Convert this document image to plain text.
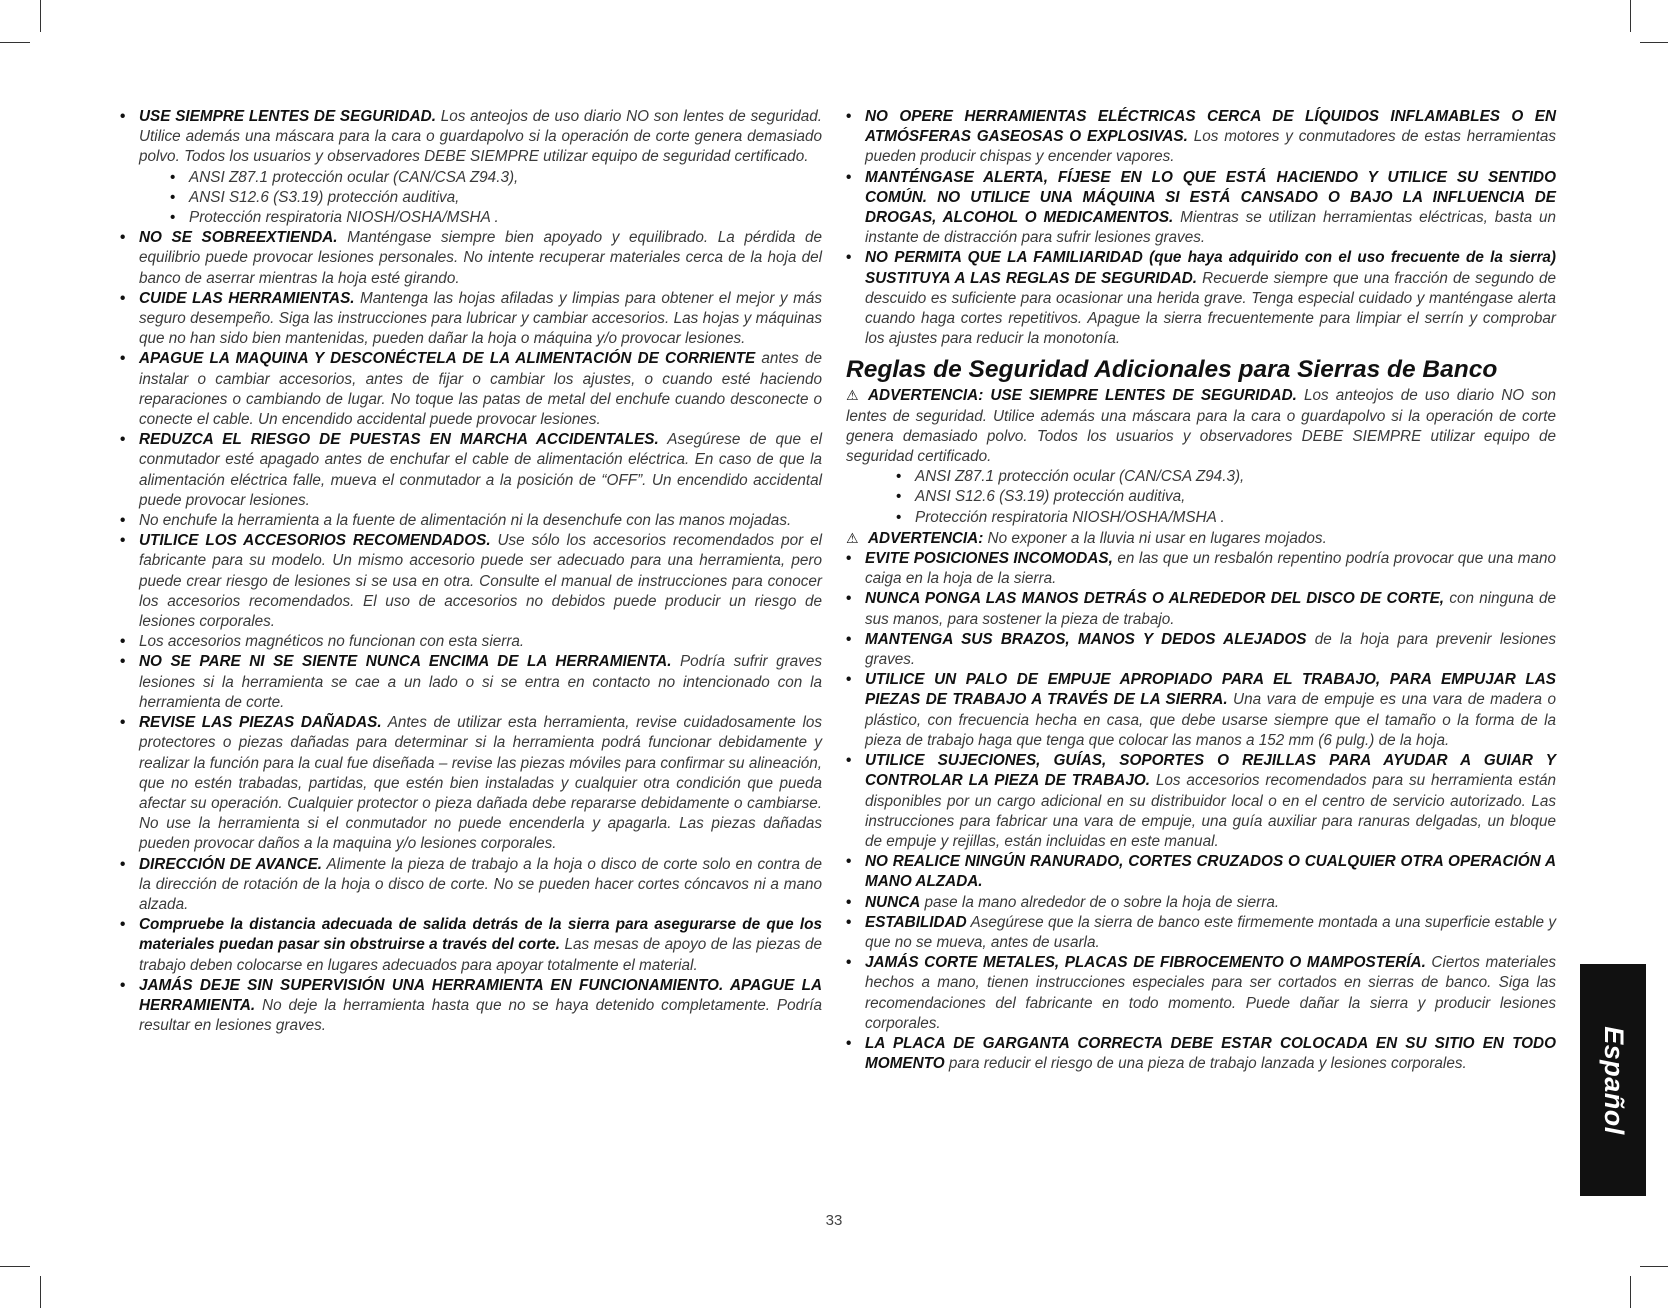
• USE SIEMPRE LENTES DE SEGURIDAD. Los anteojos de uso diario NO son lentes de seguridad. Utilice además una máscara para la cara o guardapolvo si la operación de corte genera demasiado polvo. Todos los usuarios y observadores DEBE SIEMPRE utilizar equipo de seguridad certificado.

• ANSI Z87.1 protección ocular (CAN/CSA Z94.3),

• ANSI S12.6 (S3.19) protección auditiva,

• Protección respiratoria NIOSH/OSHA/MSHA .

• NO SE SOBREEXTIENDA. Manténgase siempre bien apoyado y equilibrado. La pérdida de equilibrio puede provocar lesiones personales. No intente recuperar materiales cerca de la hoja del banco de aserrar mientras la hoja esté girando.

• CUIDE LAS HERRAMIENTAS. Mantenga las hojas afiladas y limpias para obtener el mejor y más seguro desempeño. Siga las instrucciones para lubricar y cambiar accesorios. Las hojas y máquinas que no han sido bien mantenidas, pueden dañar la hoja o máquina y/o provocar lesiones.

• APAGUE LA MAQUINA Y DESCONÉCTELA DE LA ALIMENTACIÓN DE CORRIENTE antes de instalar o cambiar accesorios, antes de fijar o cambiar los ajustes, o cuando esté haciendo reparaciones o cambiando de lugar. No toque las patas de metal del enchufe cuando desconecte o conecte el cable. Un encendido accidental puede provocar lesiones.

• REDUZCA EL RIESGO DE PUESTAS EN MARCHA ACCIDENTALES. Asegúrese de que el conmutador esté apagado antes de enchufar el cable de alimentación eléctrica. En caso de que la alimentación eléctrica falle, mueva el conmutador a la posición de “OFF”. Un encendido accidental puede provocar lesiones.

• No enchufe la herramienta a la fuente de alimentación ni la desenchufe con las manos mojadas.

• UTILICE LOS ACCESORIOS RECOMENDADOS. Use sólo los accesorios recomendados por el fabricante para su modelo. Un mismo accesorio puede ser adecuado para una herramienta, pero puede crear riesgo de lesiones si se usa en otra. Consulte el manual de instrucciones para conocer los accesorios recomendados. El uso de accesorios no debidos puede producir un riesgo de lesiones corporales.

• Los accesorios magnéticos no funcionan con esta sierra.

• NO SE PARE NI SE SIENTE NUNCA ENCIMA DE LA HERRAMIENTA. Podría sufrir graves lesiones si la herramienta se cae a un lado o si se entra en contacto no intencionado con la herramienta de corte.

• REVISE LAS PIEZAS DAÑADAS. Antes de utilizar esta herramienta, revise cuidadosamente los protectores o piezas dañadas para determinar si la herramienta podrá funcionar debidamente y realizar la función para la cual fue diseñada – revise las piezas móviles para confirmar su alineación, que no estén trabadas, partidas, que estén bien instaladas y cualquier otra condición que pueda afectar su operación. Cualquier protector o pieza dañada debe repararse debidamente o cambiarse. No use la herramienta si el conmutador no puede encenderla y apagarla. Las piezas dañadas pueden provocar daños a la maquina y/o lesiones corporales.

• DIRECCIÓN DE AVANCE. Alimente la pieza de trabajo a la hoja o disco de corte solo en contra de la dirección de rotación de la hoja o disco de corte. No se pueden hacer cortes cóncavos ni a mano alzada.

• Compruebe la distancia adecuada de salida detrás de la sierra para asegurarse de que los materiales puedan pasar sin obstruirse a través del corte. Las mesas de apoyo de las piezas de trabajo deben colocarse en lugares adecuados para apoyar totalmente el material.

• JAMÁS DEJE SIN SUPERVISIÓN UNA HERRAMIENTA EN FUNCIONAMIENTO. APAGUE LA HERRAMIENTA. No deje la herramienta hasta que no se haya detenido completamente. Podría resultar en lesiones graves.

• NO OPERE HERRAMIENTAS ELÉCTRICAS CERCA DE LÍQUIDOS INFLAMABLES O EN ATMÓSFERAS GASEOSAS O EXPLOSIVAS. Los motores y conmutadores de estas herramientas pueden producir chispas y encender vapores.

• MANTÉNGASE ALERTA, FÍJESE EN LO QUE ESTÁ HACIENDO Y UTILICE SU SENTIDO COMÚN. NO UTILICE UNA MÁQUINA SI ESTÁ CANSADO O BAJO LA INFLUENCIA DE DROGAS, ALCOHOL O MEDICAMENTOS. Mientras se utilizan herramientas eléctricas, basta un instante de distracción para sufrir lesiones graves.

• NO PERMITA QUE LA FAMILIARIDAD (que haya adquirido con el uso frecuente de la sierra) SUSTITUYA A LAS REGLAS DE SEGURIDAD. Recuerde siempre que una fracción de segundo de descuido es suficiente para ocasionar una herida grave. Tenga especial cuidado y manténgase alerta cuando haga cortes repetitivos. Apague la sierra frecuentemente para limpiar el serrín y comprobar los ajustes para reducir la monotonía.

Reglas de Seguridad Adicionales para Sierras de Banco

⚠ ADVERTENCIA: USE SIEMPRE LENTES DE SEGURIDAD. Los anteojos de uso diario NO son lentes de seguridad. Utilice además una máscara para la cara o guardapolvo si la operación de corte genera demasiado polvo. Todos los usuarios y observadores DEBE SIEMPRE utilizar equipo de seguridad certificado.

• ANSI Z87.1 protección ocular (CAN/CSA Z94.3),

• ANSI S12.6 (S3.19) protección auditiva,

• Protección respiratoria NIOSH/OSHA/MSHA .

⚠ ADVERTENCIA: No exponer a la lluvia ni usar en lugares mojados.

• EVITE POSICIONES INCOMODAS, en las que un resbalón repentino podría provocar que una mano caiga en la hoja de la sierra.

• NUNCA PONGA LAS MANOS DETRÁS O ALREDEDOR DEL DISCO DE CORTE, con ninguna de sus manos, para sostener la pieza de trabajo.

• MANTENGA SUS BRAZOS, MANOS Y DEDOS ALEJADOS de la hoja para prevenir lesiones graves.

• UTILICE UN PALO DE EMPUJE APROPIADO PARA EL TRABAJO, PARA EMPUJAR LAS PIEZAS DE TRABAJO A TRAVÉS DE LA SIERRA. Una vara de empuje es una vara de madera o plástico, con frecuencia hecha en casa, que debe usarse siempre que el tamaño o la forma de la pieza de trabajo haga que tenga que colocar las manos a 152 mm (6 pulg.) de la hoja.

• UTILICE SUJECIONES, GUÍAS, SOPORTES O REJILLAS PARA AYUDAR A GUIAR Y CONTROLAR LA PIEZA DE TRABAJO. Los accesorios recomendados para su herramienta están disponibles por un cargo adicional en su distribuidor local o en el centro de servicio autorizado. Las instrucciones para fabricar una vara de empuje, una guía auxiliar para ranuras delgadas, un bloque de empuje y rejillas, están incluidas en este manual.

• NO REALICE NINGÚN RANURADO, CORTES CRUZADOS O CUALQUIER OTRA OPERACIÓN A MANO ALZADA.

• NUNCA pase la mano alrededor de o sobre la hoja de sierra.

• ESTABILIDAD Asegúrese que la sierra de banco este firmemente montada a una superficie estable y que no se mueva, antes de usarla.

• JAMÁS CORTE METALES, PLACAS DE FIBROCEMENTO O MAMPOSTERÍA. Ciertos materiales hechos a mano, tienen instrucciones especiales para ser cortados en sierras de banco. Siga las recomendaciones del fabricante en todo momento. Puede dañar la sierra y producir lesiones corporales.

• LA PLACA DE GARGANTA CORRECTA DEBE ESTAR COLOCADA EN SU SITIO EN TODO MOMENTO para reducir el riesgo de una pieza de trabajo lanzada y lesiones corporales.

33
Español
